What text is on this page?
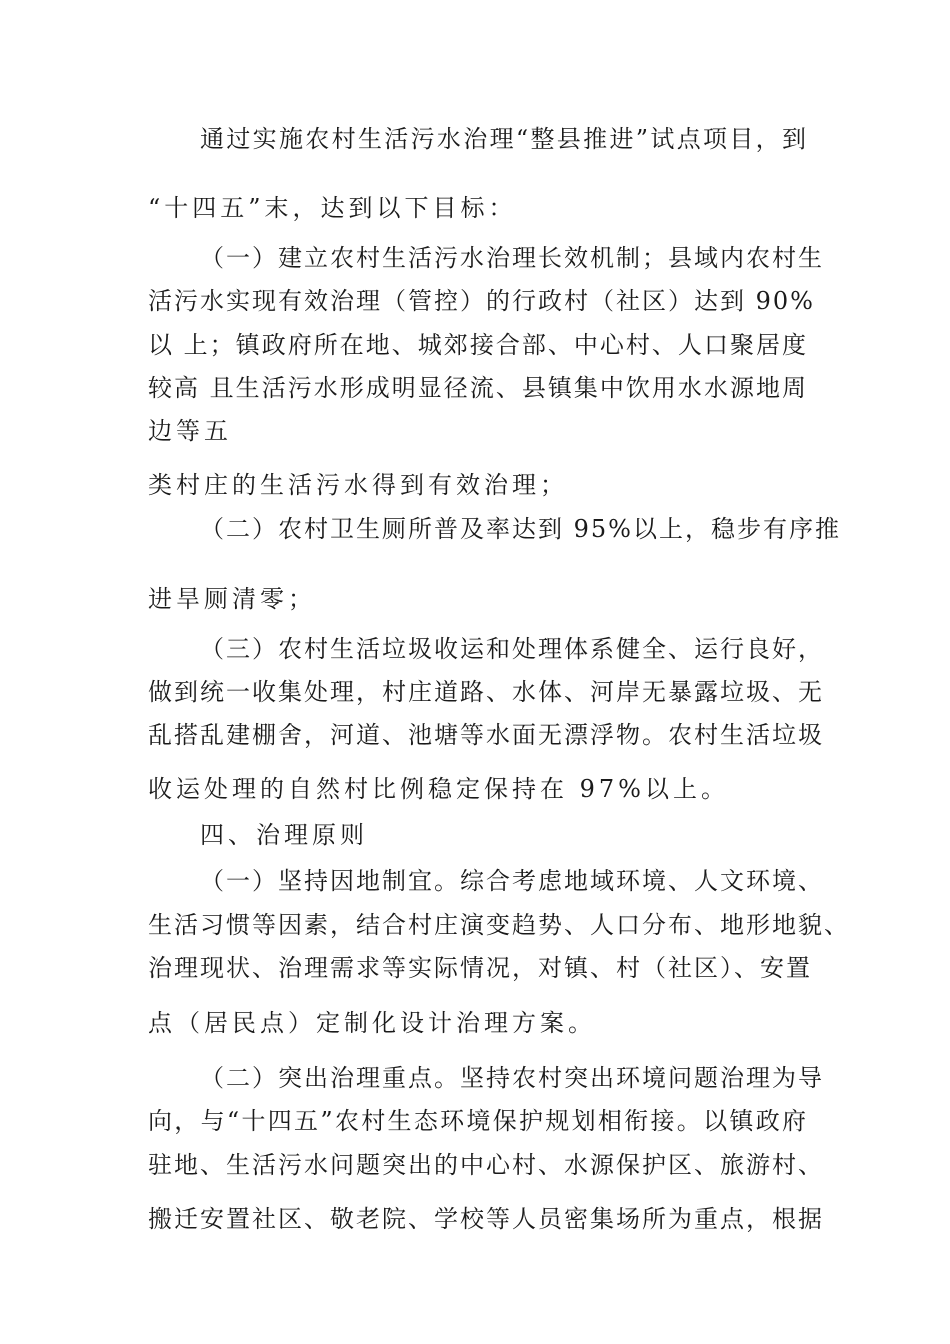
通过实施农村生活污水治理“整县推进”试点项目，到
“十四五”末，达到以下目标：
（一）建立农村生活污水治理长效机制；县域内农村生
活污水实现有效治理（管控）的行政村（社区）达到 90%
以 上；镇政府所在地、城郊接合部、中心村、人口聚居度
较高 且生活污水形成明显径流、县镇集中饮用水水源地周
边等五
类村庄的生活污水得到有效治理；
（二）农村卫生厕所普及率达到 95%以上，稳步有序推
进旱厕清零；
（三）农村生活垃圾收运和处理体系健全、运行良好，
做到统一收集处理，村庄道路、水体、河岸无暴露垃圾、无
乱搭乱建棚舍，河道、池塘等水面无漂浮物。农村生活垃圾
收运处理的自然村比例稳定保持在 97%以上。
四、治理原则
（一）坚持因地制宜。综合考虑地域环境、人文环境、
生活习惯等因素，结合村庄演变趋势、人口分布、地形地貌、
治理现状、治理需求等实际情况，对镇、村（社区）、安置
点（居民点）定制化设计治理方案。
（二）突出治理重点。坚持农村突出环境问题治理为导
向，与“十四五”农村生态环境保护规划相衔接。以镇政府
驻地、生活污水问题突出的中心村、水源保护区、旅游村、
搬迁安置社区、敬老院、学校等人员密集场所为重点，根据
